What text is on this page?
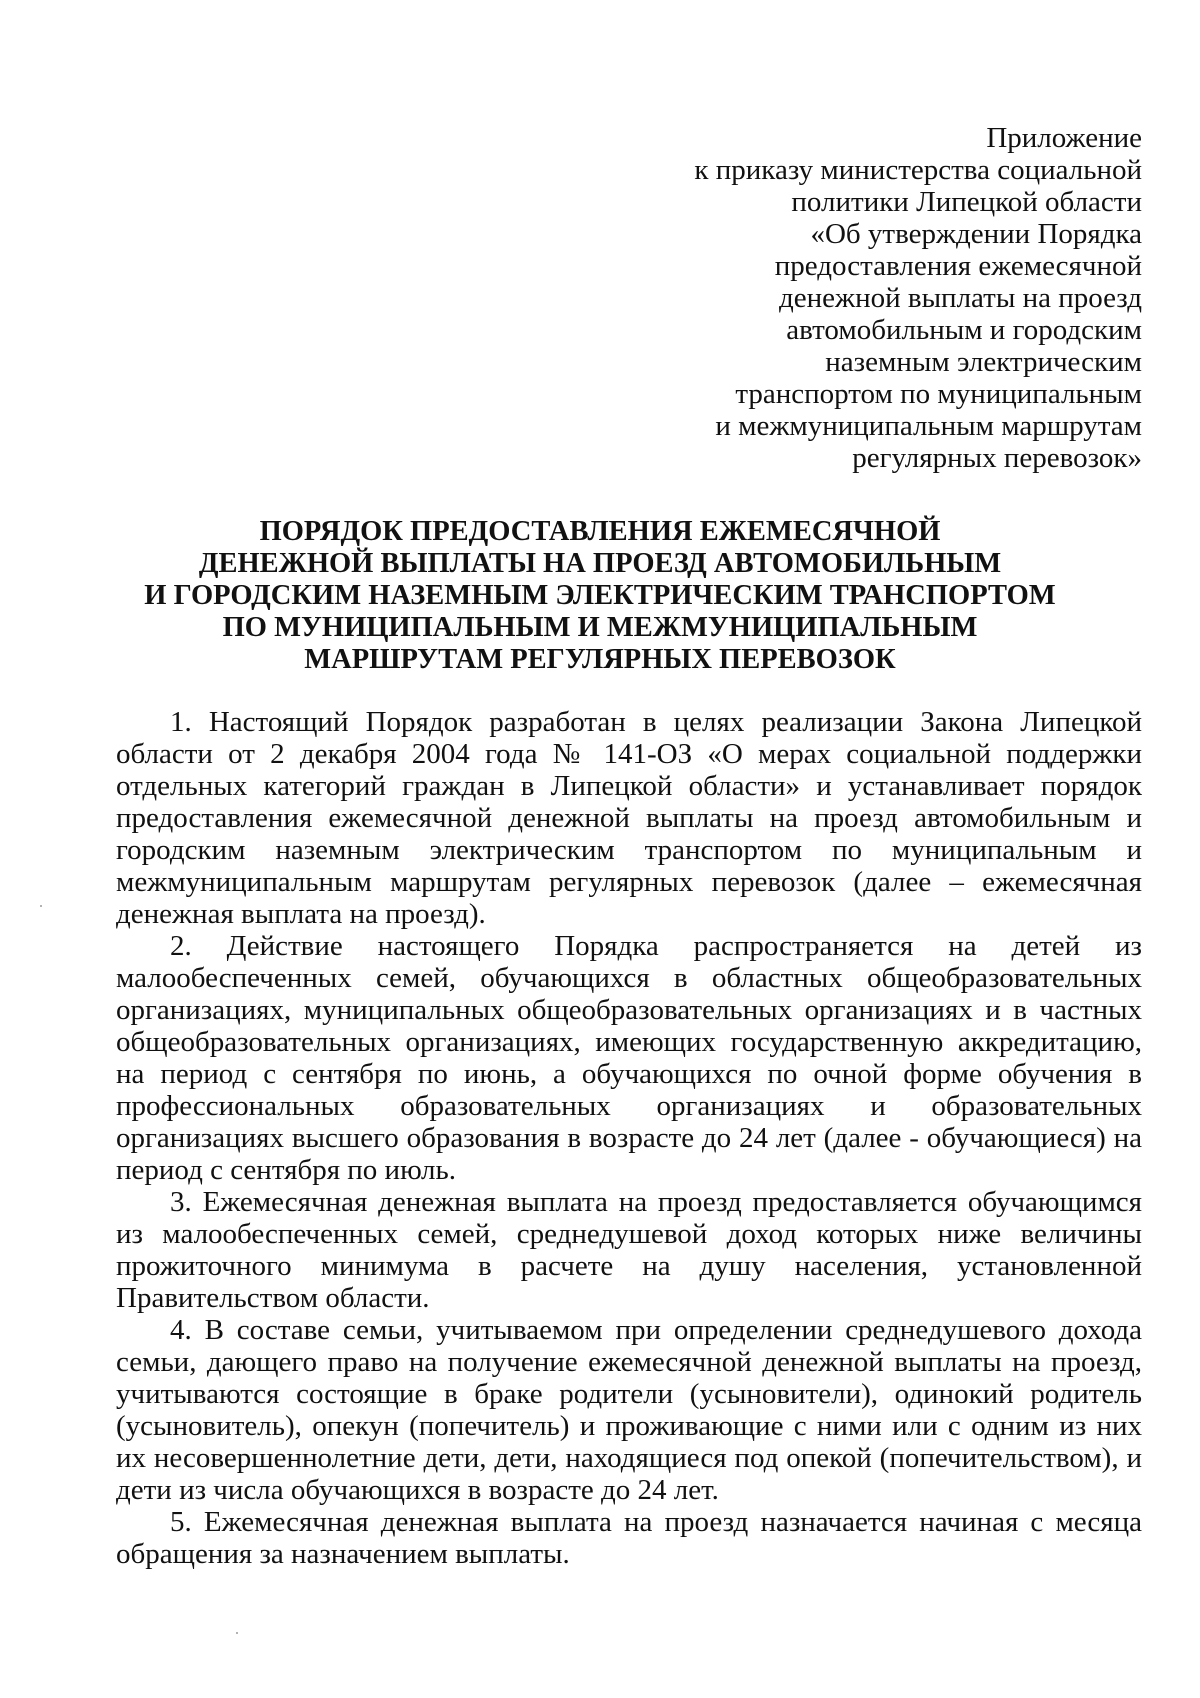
Приложение
к приказу министерства социальной
политики Липецкой области
«Об утверждении Порядка
предоставления ежемесячной
денежной выплаты на проезд
автомобильным и городским
наземным электрическим
транспортом по муниципальным
и межмуниципальным маршрутам
регулярных перевозок»
ПОРЯДОК ПРЕДОСТАВЛЕНИЯ ЕЖЕМЕСЯЧНОЙ
ДЕНЕЖНОЙ ВЫПЛАТЫ НА ПРОЕЗД АВТОМОБИЛЬНЫМ
И ГОРОДСКИМ НАЗЕМНЫМ ЭЛЕКТРИЧЕСКИМ ТРАНСПОРТОМ
ПО МУНИЦИПАЛЬНЫМ И МЕЖМУНИЦИПАЛЬНЫМ
МАРШРУТАМ РЕГУЛЯРНЫХ ПЕРЕВОЗОК

1. Настоящий Порядок разработан в целях реализации Закона Липецкой области от 2 декабря 2004 года № 141-ОЗ «О мерах социальной поддержки отдельных категорий граждан в Липецкой области» и устанавливает порядок предоставления ежемесячной денежной выплаты на проезд автомобильным и городским наземным электрическим транспортом по муниципальным и межмуниципальным маршрутам регулярных перевозок (далее – ежемесячная денежная выплата на проезд).

2. Действие настоящего Порядка распространяется на детей из малообеспеченных семей, обучающихся в областных общеобразовательных организациях, муниципальных общеобразовательных организациях и в частных общеобразовательных организациях, имеющих государственную аккредитацию, на период с сентября по июнь, а обучающихся по очной форме обучения в профессиональных образовательных организациях и образовательных организациях высшего образования в возрасте до 24 лет (далее - обучающиеся) на период с сентября по июль.

3. Ежемесячная денежная выплата на проезд предоставляется обучающимся из малообеспеченных семей, среднедушевой доход которых ниже величины прожиточного минимума в расчете на душу населения, установленной Правительством области.

4. В составе семьи, учитываемом при определении среднедушевого дохода семьи, дающего право на получение ежемесячной денежной выплаты на проезд, учитываются состоящие в браке родители (усыновители), одинокий родитель (усыновитель), опекун (попечитель) и проживающие с ними или с одним из них их несовершеннолетние дети, дети, находящиеся под опекой (попечительством), и дети из числа обучающихся в возрасте до 24 лет.

5. Ежемесячная денежная выплата на проезд назначается начиная с месяца обращения за назначением выплаты.
